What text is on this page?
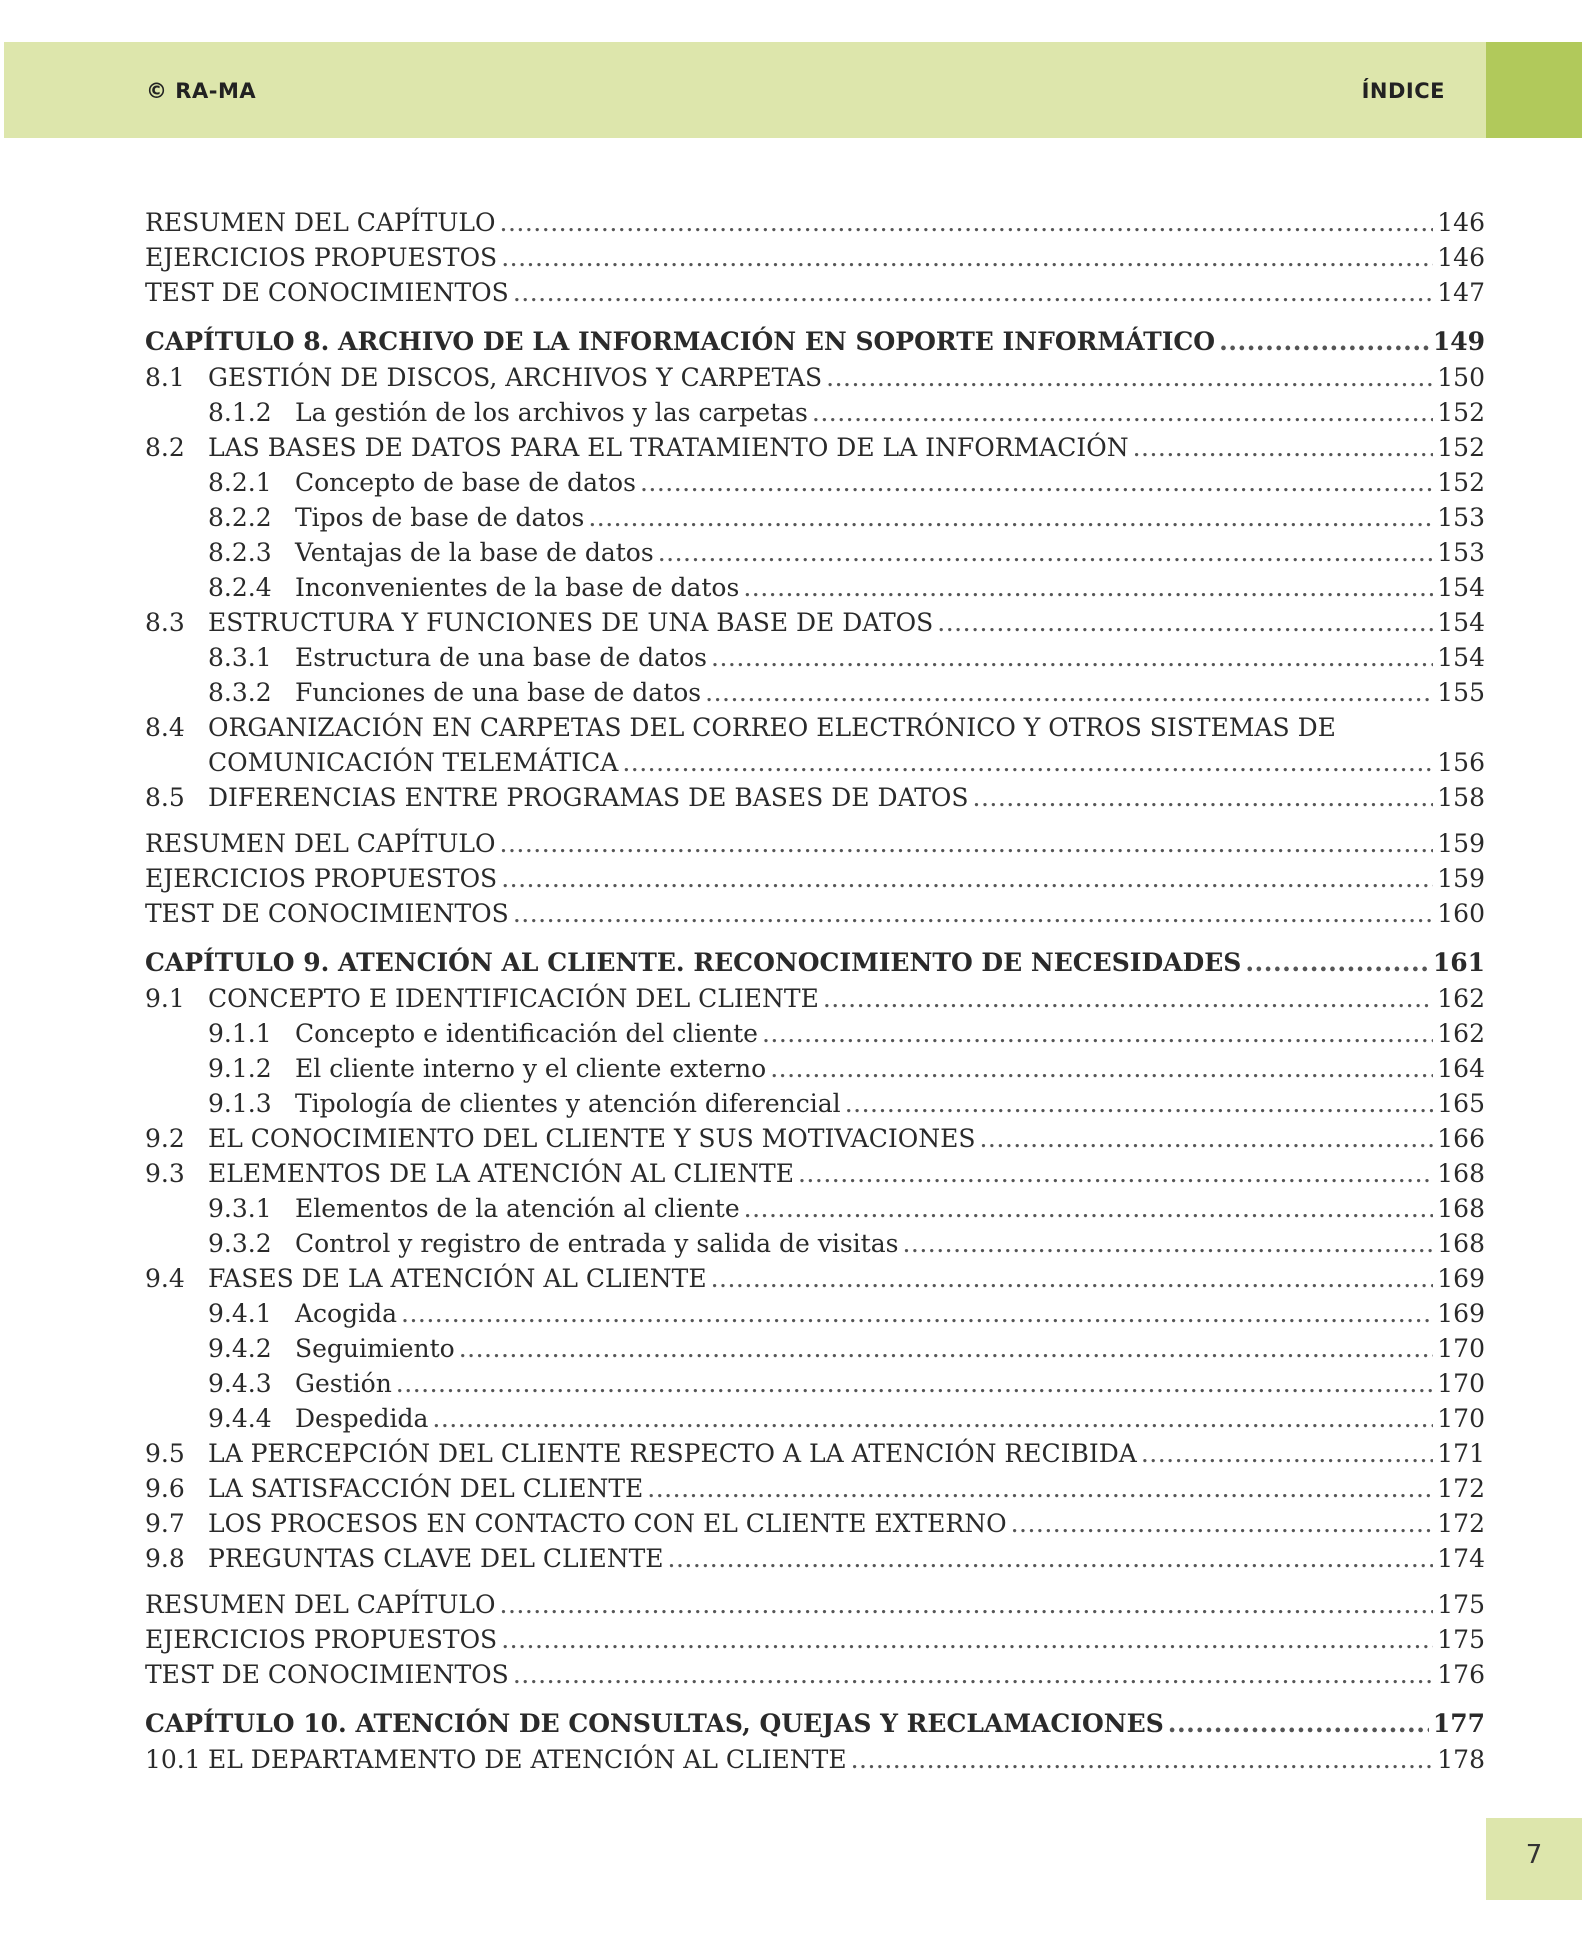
© RA-MA	ÍNDICE
RESUMEN DEL CAPÍTULO .....	146
EJERCICIOS PROPUESTOS .....	146
TEST DE CONOCIMIENTOS .....	147
CAPÍTULO 8. ARCHIVO DE LA INFORMACIÓN EN SOPORTE INFORMÁTICO .....	149
8.1 GESTIÓN DE DISCOS, ARCHIVOS Y CARPETAS .....	150
8.1.2 La gestión de los archivos y las carpetas .....	152
8.2 LAS BASES DE DATOS PARA EL TRATAMIENTO DE LA INFORMACIÓN .....	152
8.2.1 Concepto de base de datos .....	152
8.2.2 Tipos de base de datos .....	153
8.2.3 Ventajas de la base de datos .....	153
8.2.4 Inconvenientes de la base de datos .....	154
8.3 ESTRUCTURA Y FUNCIONES DE UNA BASE DE DATOS .....	154
8.3.1 Estructura de una base de datos .....	154
8.3.2 Funciones de una base de datos .....	155
8.4 ORGANIZACIÓN EN CARPETAS DEL CORREO ELECTRÓNICO Y OTROS SISTEMAS DE
COMUNICACIÓN TELEMÁTICA .....	156
8.5 DIFERENCIAS ENTRE PROGRAMAS DE BASES DE DATOS .....	158
RESUMEN DEL CAPÍTULO .....	159
EJERCICIOS PROPUESTOS .....	159
TEST DE CONOCIMIENTOS .....	160
CAPÍTULO 9. ATENCIÓN AL CLIENTE. RECONOCIMIENTO DE NECESIDADES .....	161
9.1 CONCEPTO E IDENTIFICACIÓN DEL CLIENTE .....	162
9.1.1 Concepto e identificación del cliente .....	162
9.1.2 El cliente interno y el cliente externo .....	164
9.1.3 Tipología de clientes y atención diferencial .....	165
9.2 EL CONOCIMIENTO DEL CLIENTE Y SUS MOTIVACIONES .....	166
9.3 ELEMENTOS DE LA ATENCIÓN AL CLIENTE .....	168
9.3.1 Elementos de la atención al cliente .....	168
9.3.2 Control y registro de entrada y salida de visitas .....	168
9.4 FASES DE LA ATENCIÓN AL CLIENTE .....	169
9.4.1 Acogida .....	169
9.4.2 Seguimiento .....	170
9.4.3 Gestión .....	170
9.4.4 Despedida .....	170
9.5 LA PERCEPCIÓN DEL CLIENTE RESPECTO A LA ATENCIÓN RECIBIDA .....	171
9.6 LA SATISFACCIÓN DEL CLIENTE .....	172
9.7 LOS PROCESOS EN CONTACTO CON EL CLIENTE EXTERNO .....	172
9.8 PREGUNTAS CLAVE DEL CLIENTE .....	174
RESUMEN DEL CAPÍTULO .....	175
EJERCICIOS PROPUESTOS .....	175
TEST DE CONOCIMIENTOS .....	176
CAPÍTULO 10. ATENCIÓN DE CONSULTAS, QUEJAS Y RECLAMACIONES .....	177
10.1 EL DEPARTAMENTO DE ATENCIÓN AL CLIENTE .....	178
7
